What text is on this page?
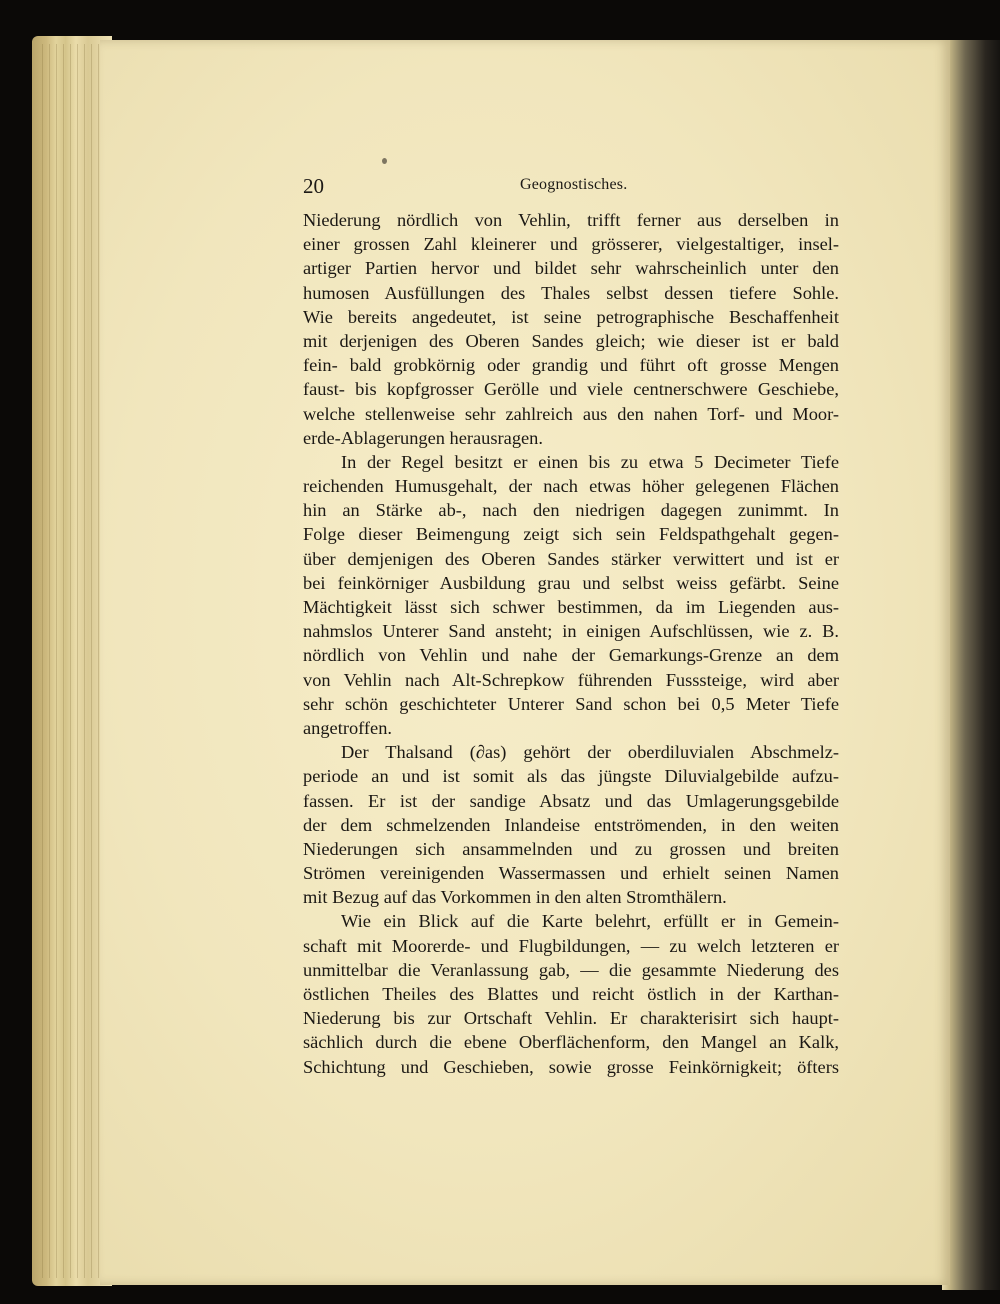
20	Geognostisches.
Niederung nördlich von Vehlin, trifft ferner aus derselben in
einer grossen Zahl kleinerer und grösserer, vielgestaltiger, insel-
artiger Partien hervor und bildet sehr wahrscheinlich unter den
humosen Ausfüllungen des Thales selbst dessen tiefere Sohle.
Wie bereits angedeutet, ist seine petrographische Beschaffenheit
mit derjenigen des Oberen Sandes gleich; wie dieser ist er bald
fein- bald grobkörnig oder grandig und führt oft grosse Mengen
faust- bis kopfgrosser Gerölle und viele centnerschwere Geschiebe,
welche stellenweise sehr zahlreich aus den nahen Torf- und Moor-
erde-Ablagerungen herausragen.
In der Regel besitzt er einen bis zu etwa 5 Decimeter Tiefe
reichenden Humusgehalt, der nach etwas höher gelegenen Flächen
hin an Stärke ab-, nach den niedrigen dagegen zunimmt. In
Folge dieser Beimengung zeigt sich sein Feldspathgehalt gegen-
über demjenigen des Oberen Sandes stärker verwittert und ist er
bei feinkörniger Ausbildung grau und selbst weiss gefärbt. Seine
Mächtigkeit lässt sich schwer bestimmen, da im Liegenden aus-
nahmslos Unterer Sand ansteht; in einigen Aufschlüssen, wie z. B.
nördlich von Vehlin und nahe der Gemarkungs-Grenze an dem
von Vehlin nach Alt-Schrepkow führenden Fusssteige, wird aber
sehr schön geschichteter Unterer Sand schon bei 0,5 Meter Tiefe
angetroffen.
Der Thalsand (∂as) gehört der oberdiluvialen Abschmelz-
periode an und ist somit als das jüngste Diluvialgebilde aufzu-
fassen. Er ist der sandige Absatz und das Umlagerungsgebilde
der dem schmelzenden Inlandeise entströmenden, in den weiten
Niederungen sich ansammelnden und zu grossen und breiten
Strömen vereinigenden Wassermassen und erhielt seinen Namen
mit Bezug auf das Vorkommen in den alten Stromthälern.
Wie ein Blick auf die Karte belehrt, erfüllt er in Gemein-
schaft mit Moorerde- und Flugbildungen, — zu welch letzteren er
unmittelbar die Veranlassung gab, — die gesammte Niederung des
östlichen Theiles des Blattes und reicht östlich in der Karthan-
Niederung bis zur Ortschaft Vehlin. Er charakterisirt sich haupt-
sächlich durch die ebene Oberflächenform, den Mangel an Kalk,
Schichtung und Geschieben, sowie grosse Feinkörnigkeit; öfters
